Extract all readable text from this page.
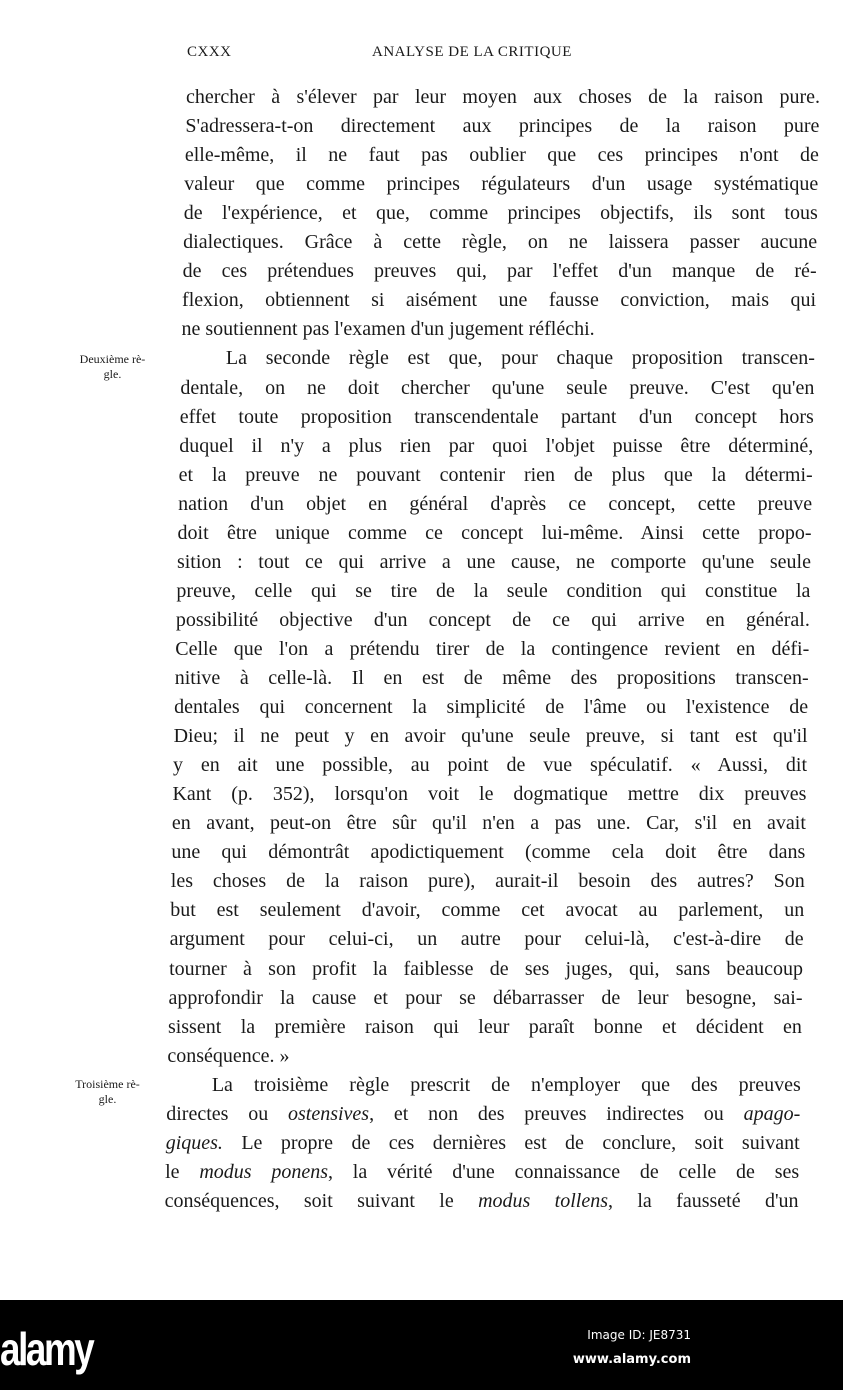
CXXX	ANALYSE DE LA CRITIQUE
chercher à s'élever par leur moyen aux choses de la raison pure.
S'adressera-t-on directement aux principes de la raison pure
elle-même, il ne faut pas oublier que ces principes n'ont de
valeur que comme principes régulateurs d'un usage systématique
de l'expérience, et que, comme principes objectifs, ils sont tous
dialectiques. Grâce à cette règle, on ne laissera passer aucune
de ces prétendues preuves qui, par l'effet d'un manque de ré-
flexion, obtiennent si aisément une fausse conviction, mais qui
ne soutiennent pas l'examen d'un jugement réfléchi.
La seconde règle est que, pour chaque proposition transcen-
dentale, on ne doit chercher qu'une seule preuve. C'est qu'en
effet toute proposition transcendentale partant d'un concept hors
duquel il n'y a plus rien par quoi l'objet puisse être déterminé,
et la preuve ne pouvant contenir rien de plus que la détermi-
nation d'un objet en général d'après ce concept, cette preuve
doit être unique comme ce concept lui-même. Ainsi cette propo-
sition : tout ce qui arrive a une cause, ne comporte qu'une seule
preuve, celle qui se tire de la seule condition qui constitue la
possibilité objective d'un concept de ce qui arrive en général.
Celle que l'on a prétendu tirer de la contingence revient en défi-
nitive à celle-là. Il en est de même des propositions transcen-
dentales qui concernent la simplicité de l'âme ou l'existence de
Dieu; il ne peut y en avoir qu'une seule preuve, si tant est qu'il
y en ait une possible, au point de vue spéculatif. « Aussi, dit
Kant (p. 352), lorsqu'on voit le dogmatique mettre dix preuves
en avant, peut-on être sûr qu'il n'en a pas une. Car, s'il en avait
une qui démontrât apodictiquement (comme cela doit être dans
les choses de la raison pure), aurait-il besoin des autres? Son
but est seulement d'avoir, comme cet avocat au parlement, un
argument pour celui-ci, un autre pour celui-là, c'est-à-dire de
tourner à son profit la faiblesse de ses juges, qui, sans beaucoup
approfondir la cause et pour se débarrasser de leur besogne, sai-
sissent la première raison qui leur paraît bonne et décident en
conséquence. »
La troisième règle prescrit de n'employer que des preuves
directes ou ostensives, et non des preuves indirectes ou apago-
giques. Le propre de ces dernières est de conclure, soit suivant
le modus ponens, la vérité d'une connaissance de celle de ses
conséquences, soit suivant le modus tollens, la fausseté d'un
Deuxième rè-
gle.
Troisième rè-
gle.
alamy	Image ID: JE8731
www.alamy.com
